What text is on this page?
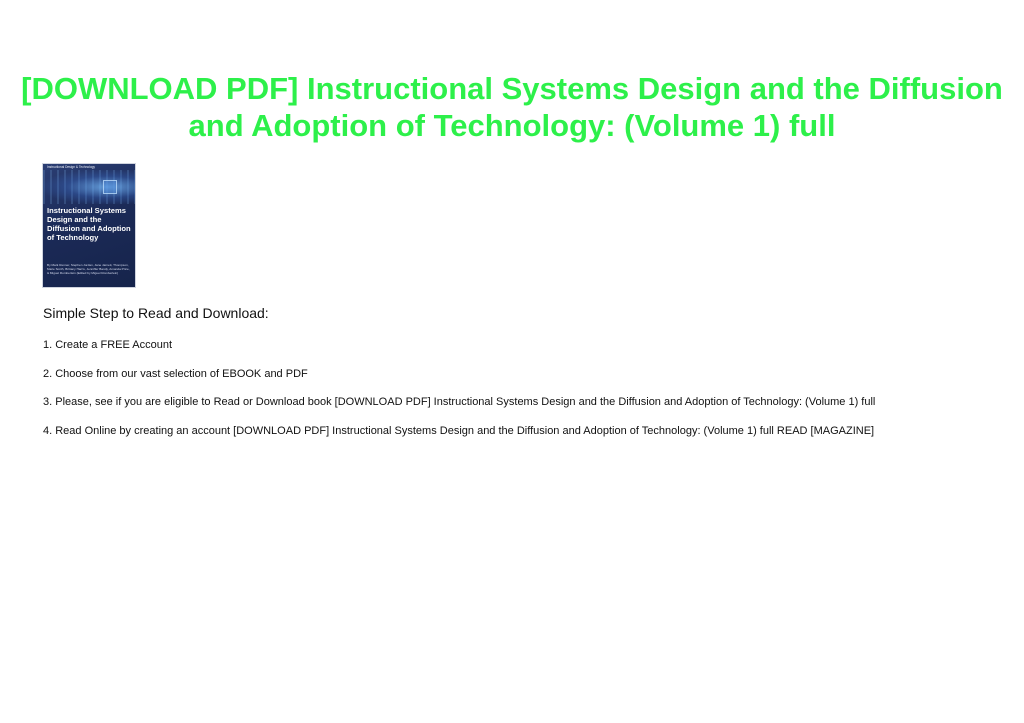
[DOWNLOAD PDF] Instructional Systems Design and the Diffusion and Adoption of Technology: (Volume 1) full
Instructional Design & Technology
Instructional Systems Design and the Diffusion and Adoption of Technology
By Mark Renner, Stephen Jordan, Jane Jarnett, Thompson, Marie Smith, Brittany Harris, Jenniffer Bandy, Amanda Price, & Miguel Romberlein (Edited by Miguel Romberlein)

Simple Step to Read and Download:

1. Create a FREE Account
2. Choose from our vast selection of EBOOK and PDF
3. Please, see if you are eligible to Read or Download book [DOWNLOAD PDF] Instructional Systems Design and the Diffusion and Adoption of Technology: (Volume 1) full
4. Read Online by creating an account [DOWNLOAD PDF] Instructional Systems Design and the Diffusion and Adoption of Technology: (Volume 1) full READ [MAGAZINE]
